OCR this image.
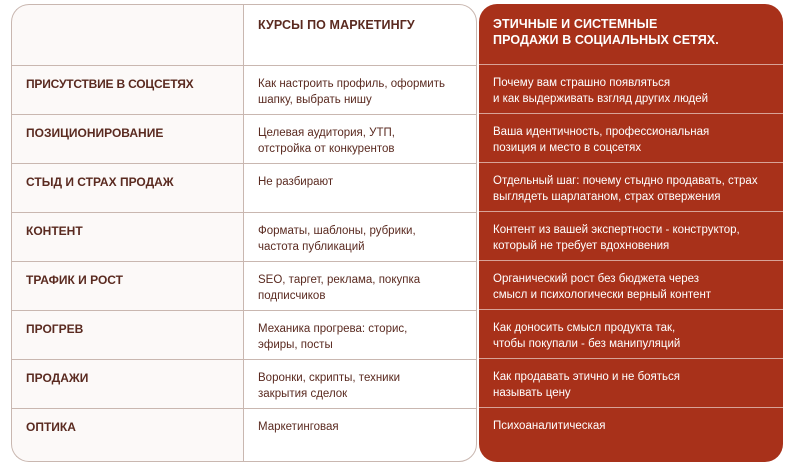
ПРИСУТСТВИЕ В СОЦСЕТЯХ
ПОЗИЦИОНИРОВАНИЕ
СТЫД И СТРАХ ПРОДАЖ
КОНТЕНТ
ТРАФИК И РОСТ
ПРОГРЕВ
ПРОДАЖИ
ОПТИКА
КУРСЫ ПО МАРКЕТИНГУ
Как настроить профиль, оформить
шапку, выбрать нишу
Целевая аудитория, УТП,
отстройка от конкурентов
Не разбирают
Форматы, шаблоны, рубрики,
частота публикаций
SEO, таргет, реклама, покупка
подписчиков
Механика прогрева: сторис,
эфиры, посты
Воронки, скрипты, техники
закрытия сделок
Маркетинговая
ЭТИЧНЫЕ И СИСТЕМНЫЕ
ПРОДАЖИ В СОЦИАЛЬНЫХ СЕТЯХ.
Почему вам страшно появляться
и как выдерживать взгляд других людей
Ваша идентичность, профессиональная
позиция и место в соцсетях
Отдельный шаг: почему стыдно продавать, страх
выглядеть шарлатаном, страх отвержения
Контент из вашей экспертности - конструктор,
который не требует вдохновения
Органический рост без бюджета через
смысл и психологически верный контент
Как доносить смысл продукта так,
чтобы покупали - без манипуляций
Как продавать этично и не бояться
называть цену
Психоаналитическая
